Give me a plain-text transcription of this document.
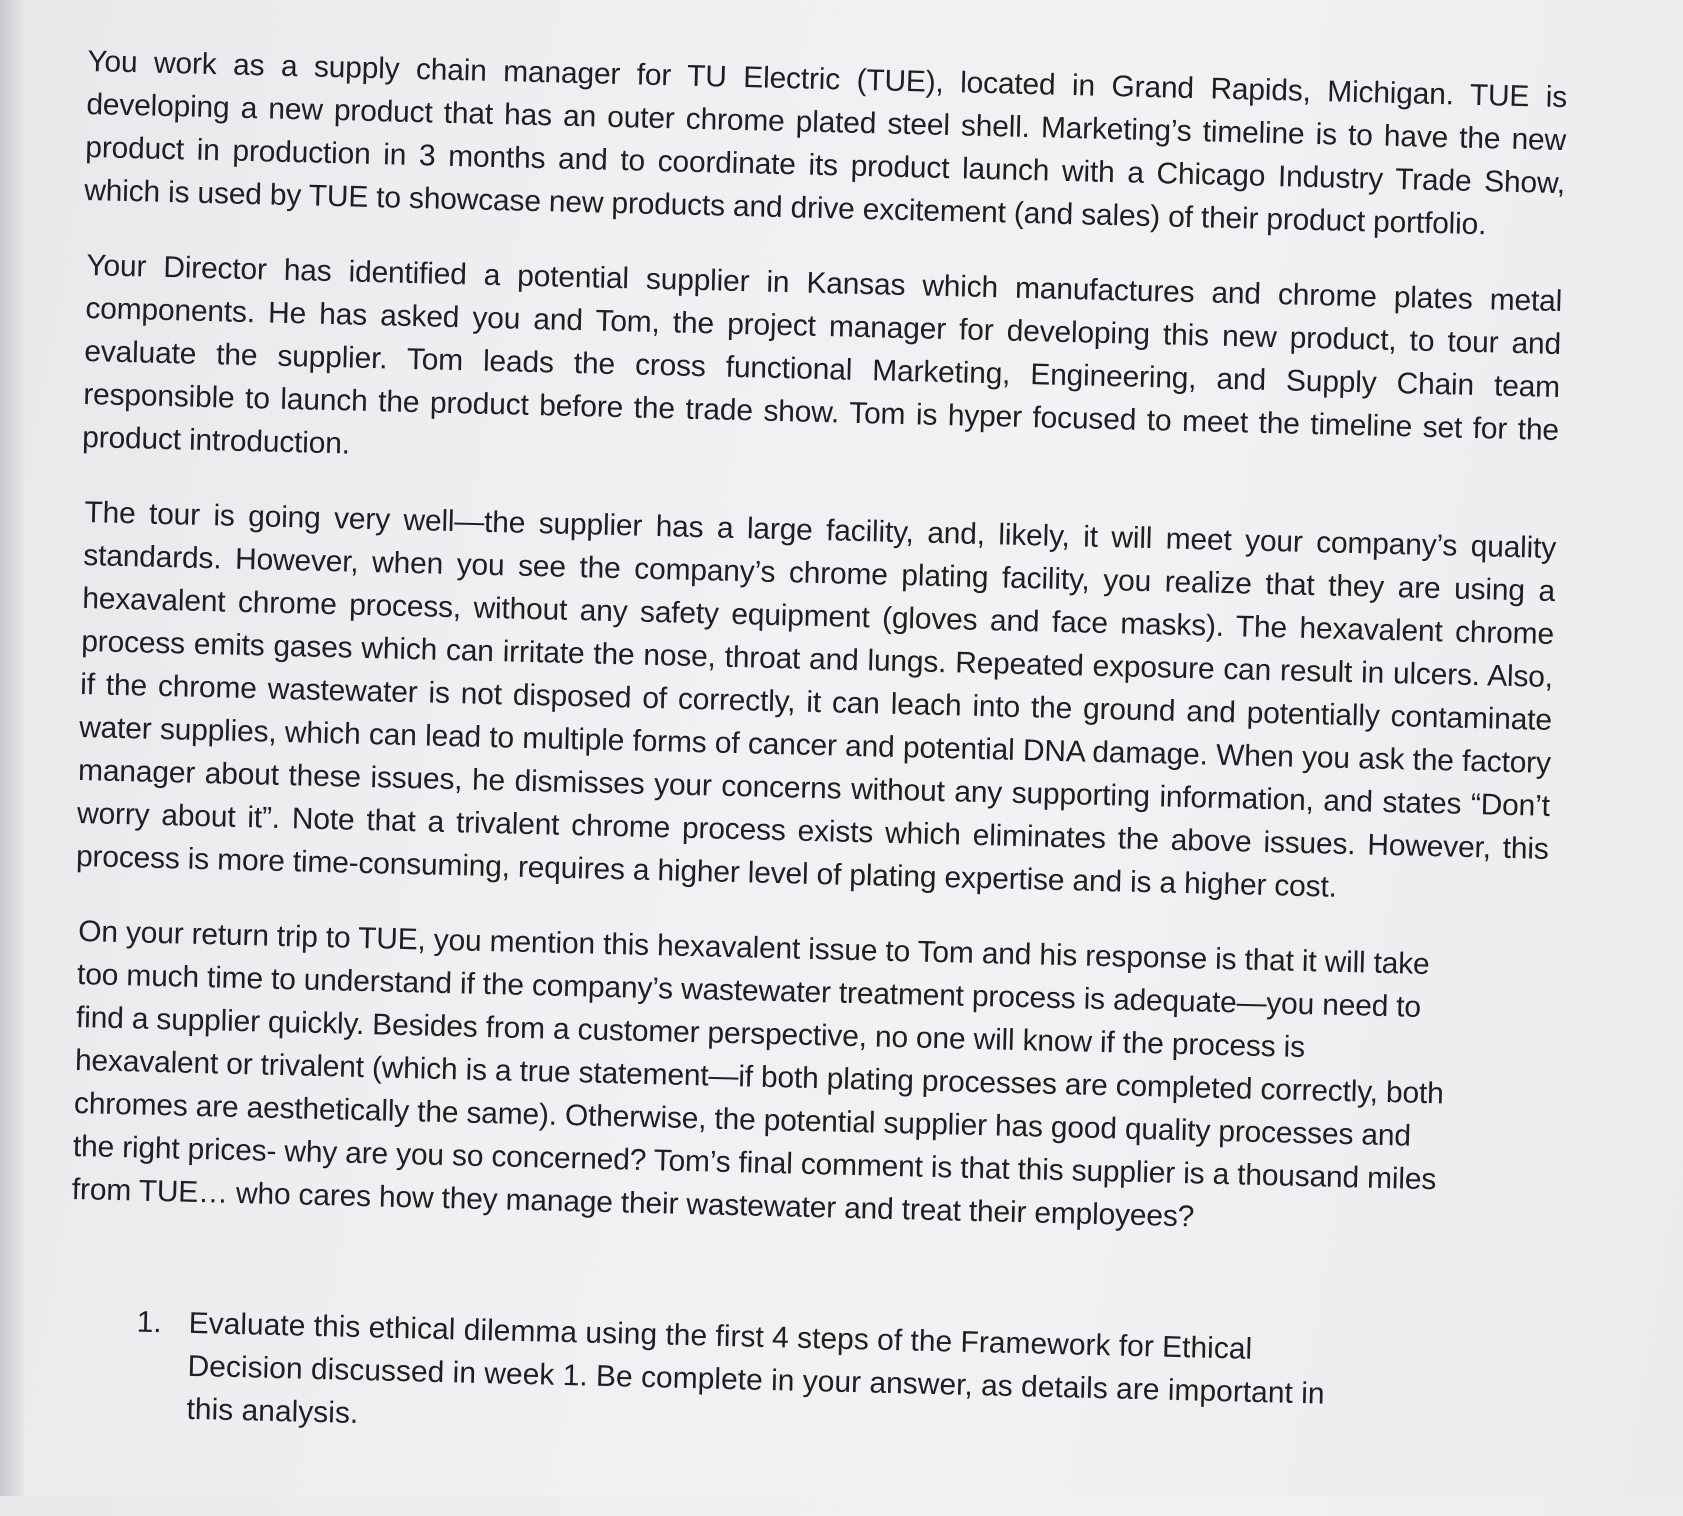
You work as a supply chain manager for TU Electric (TUE), located in Grand Rapids, Michigan. TUE is developing a new product that has an outer chrome plated steel shell. Marketing’s timeline is to have the new product in production in 3 months and to coordinate its product launch with a Chicago Industry Trade Show, which is used by TUE to showcase new products and drive excitement (and sales) of their product portfolio.

Your Director has identified a potential supplier in Kansas which manufactures and chrome plates metal components. He has asked you and Tom, the project manager for developing this new product, to tour and evaluate the supplier. Tom leads the cross functional Marketing, Engineering, and Supply Chain team responsible to launch the product before the trade show. Tom is hyper focused to meet the timeline set for the product introduction.

The tour is going very well—the supplier has a large facility, and, likely, it will meet your company’s quality standards. However, when you see the company’s chrome plating facility, you realize that they are using a hexavalent chrome process, without any safety equipment (gloves and face masks). The hexavalent chrome process emits gases which can irritate the nose, throat and lungs. Repeated exposure can result in ulcers. Also, if the chrome wastewater is not disposed of correctly, it can leach into the ground and potentially contaminate water supplies, which can lead to multiple forms of cancer and potential DNA damage. When you ask the factory manager about these issues, he dismisses your concerns without any supporting information, and states “Don’t worry about it”. Note that a trivalent chrome process exists which eliminates the above issues. However, this process is more time-consuming, requires a higher level of plating expertise and is a higher cost.

On your return trip to TUE, you mention this hexavalent issue to Tom and his response is that it will take too much time to understand if the company’s wastewater treatment process is adequate—you need to find a supplier quickly. Besides from a customer perspective, no one will know if the process is hexavalent or trivalent (which is a true statement—if both plating processes are completed correctly, both chromes are aesthetically the same). Otherwise, the potential supplier has good quality processes and the right prices- why are you so concerned? Tom’s final comment is that this supplier is a thousand miles from TUE… who cares how they manage their wastewater and treat their employees?

1. Evaluate this ethical dilemma using the first 4 steps of the Framework for Ethical Decision discussed in week 1. Be complete in your answer, as details are important in this analysis.
